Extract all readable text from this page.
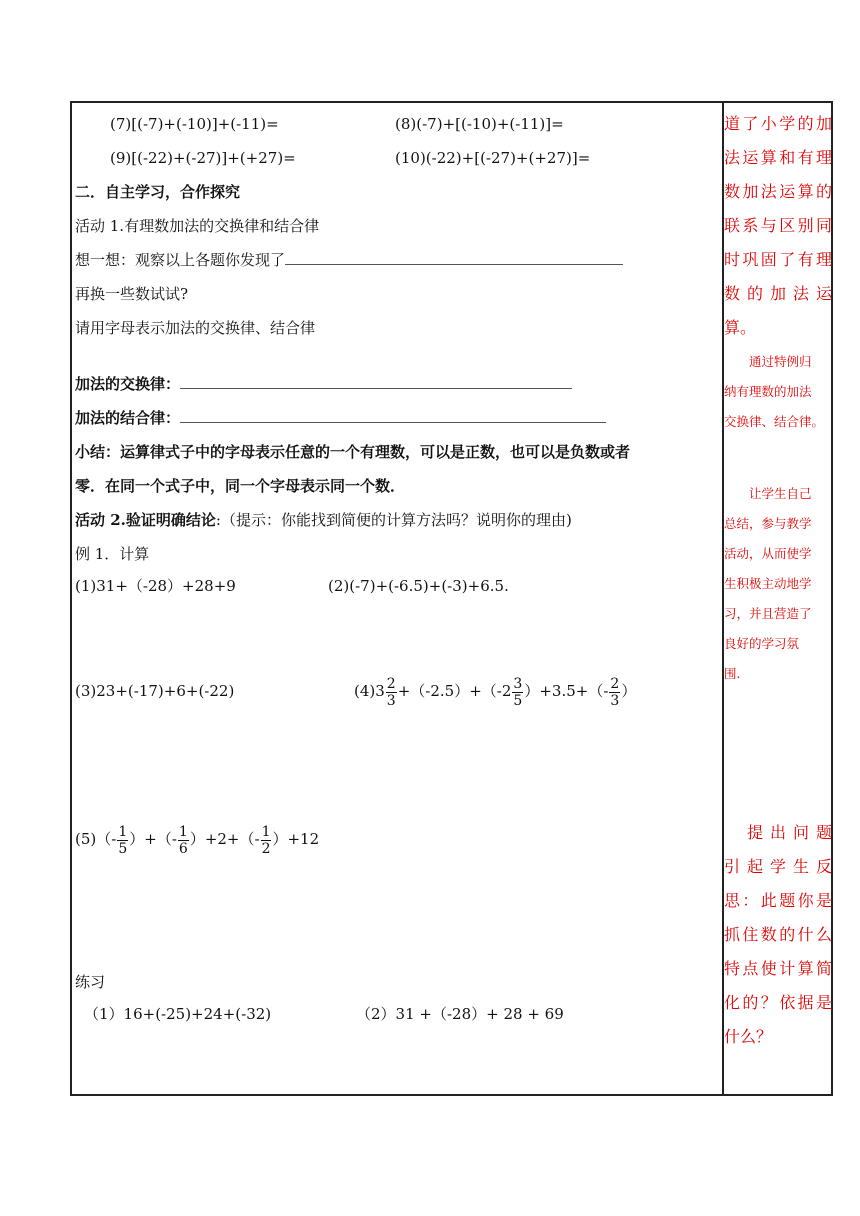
(7)[(-7)+(-10)]+(-11)=	(8)(-7)+[(-10)+(-11)]=
(9)[(-22)+(-27)]+(+27)=	(10)(-22)+[(-27)+(+27)]=
二．自主学习，合作探究
活动 1.有理数加法的交换律和结合律
想一想：观察以上各题你发现了
再换一些数试试?
请用字母表示加法的交换律、结合律
加法的交换律：
加法的结合律：
小结：运算律式子中的字母表示任意的一个有理数，可以是正数，也可以是负数或者
零．在同一个式子中，同一个字母表示同一个数．
活动 2.验证明确结论:（提示：你能找到简便的计算方法吗？说明你的理由)
例 1．计算
(1)31+（-28）+28+9	(2)(-7)+(-6.5)+(-3)+6.5.
(3)23+(-17)+6+(-22)	$(4)3 \frac{2}{3} +(-2.5)+(-2 \frac{3}{5} )+3.5+(- \frac{2}{3}$ ）
$(5)(- \frac{1}{5}$ ）+（- $\frac{1}{6} )+2+(- \frac{1}{2} )+12$
练习
（1）16+(-25)+24+(-32)	（2）31 +（-28）+ 28 + 69
道了小学的加
法运算和有理
数加法运算的
联系与区别同
时巩固了有理
数的加法运
算。
　　通过特例归
纳有理数的加法
交换律、结合律。
　　让学生自己
总结，参与教学
活动，从而使学
生积极主动地学
习，并且营造了
良好的学习氛
围.
　提出问题
引起学生反
思：此题你是
抓住数的什么
特点使计算简
化的？依据是
什么？
